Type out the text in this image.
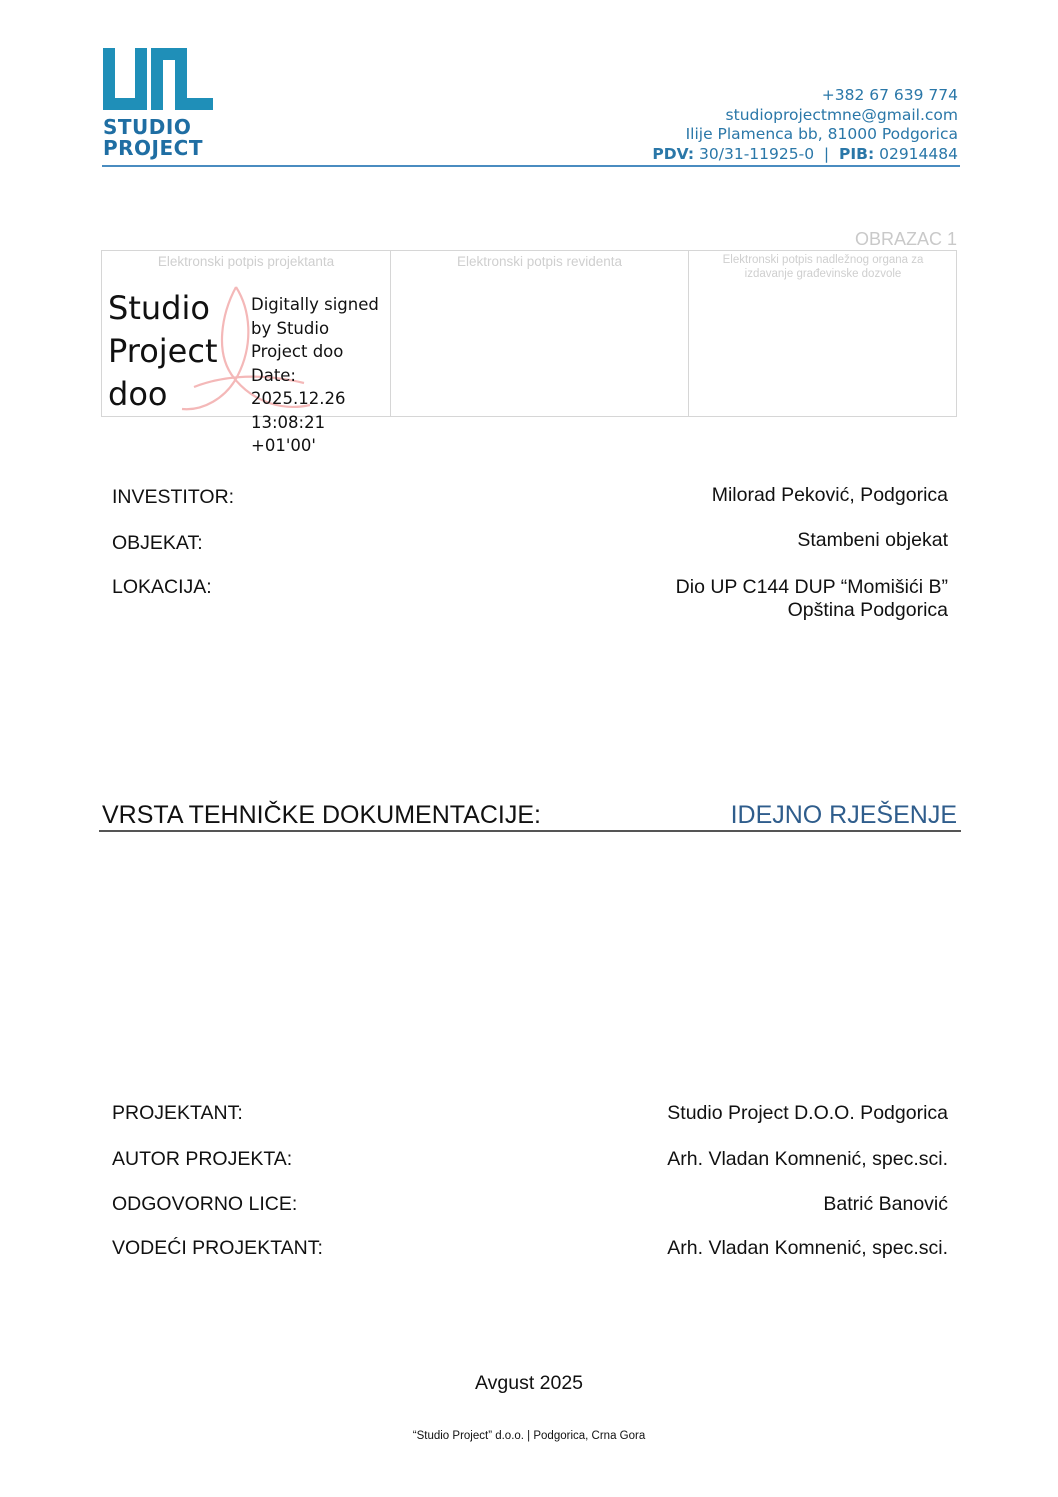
STUDIO
PROJECT
+382 67 639 774
studioprojectmne@gmail.com
Ilije Plamenca bb, 81000 Podgorica
PDV: 30/31-11925-0 | PIB: 02914484
OBRAZAC 1
Elektronski potpis projektanta
Studio
Project
doo
Digitally signed
by Studio
Project doo
Date: 2025.12.26
13:08:21 +01'00'
Elektronski potpis revidenta	Elektronski potpis nadležnog organa za izdavanje građevinske dozvole
INVESTITOR:	Milorad Peković, Podgorica
OBJEKAT:	Stambeni objekat
LOKACIJA:	Dio UP C144 DUP “Momišići B”
Opština Podgorica
VRSTA TEHNIČKE DOKUMENTACIJE:	IDEJNO RJEŠENJE
PROJEKTANT:	Studio Project D.O.O. Podgorica
AUTOR PROJEKTA:	Arh. Vladan Komnenić, spec.sci.
ODGOVORNO LICE:	Batrić Banović
VODEĆI PROJEKTANT:	Arh. Vladan Komnenić, spec.sci.
Avgust 2025
“Studio Project” d.o.o. | Podgorica, Crna Gora
